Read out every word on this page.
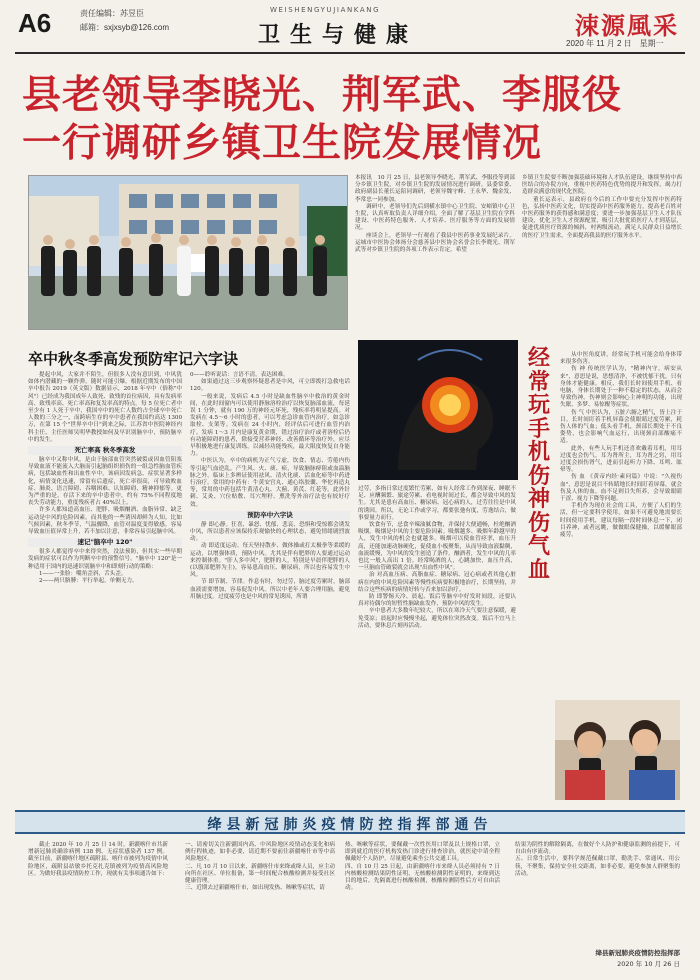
A6	责任编辑：苏昱臣
邮箱：sxjxsyb@126.com
WEISHENGYUJIANKANG
卫生与健康	涑源風采
2020 年 11 月 2 日　星期一
县老领导李晓光、荆军武、李服役
一行调研乡镇卫生院发展情况

本报讯　10 月 25 日，县老领导李晓光、荆军武、李服役等到部分乡镇卫生院，对乡镇卫生院的发展情况进行调研。县委常委、政府副县长董长运陪同调研，老领导魏守峰、王永华、魏金发、李常忠一同参加。

调研中，老领导们先后到横水镇中心卫生院、安峪镇中心卫生院，认真听取负责人详细介绍，全面了解了基层卫生院在学科建设、中医药特色服务、人才培养、医疗服务等方面的发展情况。

座谈会上，老领导一行观看了我县中医药事业发展纪录片。运城市中医协会体扬分会慈善县中医协会名誉会长李晓光、荆军武等对乡镇卫生院的各项工作表示肯定，希望

乡镇卫生院要不断加强基础环境和人才队伍建设，继续坚持中西医结合的办院方向，重视中医药特色优势的提升和发挥，竭力打造群众满意的现代化医院。

董长运表示，县政府在今后的工作中要充分发挥中医药特色，弘扬中医药文化，切实提高中医药服务能力，提高老百姓对中医药服务的获得感和满意度；要进一步加强基层卫生人才队伍建设，优化卫生人才资源配置，吸引大批优质医疗人才到基层，促进优质医疗资源的倾斜，村两级流动，满足人民群众日益增长的医疗卫生需求，全面提高我县的医疗服务水平。

卒中秋冬季高发预防牢记六字诀

提起中风，大家并不陌生，但很多人没有意识到，中风犹如体内潜藏的一颗炸弹，随时可能引爆。根据近期发布的中国卒中报告 2019（英文版）数据显示，2018 年卒中（俗称"中风"）已经成为我国成年人致死、致残的首位病因，具有发病率高、致残率高、死亡率高和复发率高的特点。每 5 位死亡者中至少有 1 人死于卒中，我国卒中的死亡人数约占全球卒中死亡人数的三分之一，而跨病生存的卒中患者在我国约高达 1300 万，在第 15 个"世界卒中日"到来之际，江苏省中医院神经内科主任、主任医师吴明华教授如何及早识别脑卒中，预防脑卒中的发生。

死亡率高 秋冬季高发

脑卒中又称中风，是由于脑部血管突然破裂或因血管阻塞导致血液不能流入大脑而引起脑组织损伤的一组急性脑血管疾病，包括缺血性和出血性卒中。该病因发病急，症状显著多样化，病情变化迅速，常留有后遗症，死亡率很高，可导致败血症、肺炎、语言障碍、吞咽困难、认知障碍、精神抑郁等。更为严重的是，存活下来的卒中患者中，约有 75%不同程度地丧失劳动能力，重度残疾者占 40%以上。

许多人都知道高血压、肥胖、吸烟酗酒、血脂异常、缺乏运动是中风的危险因素，而其他的一些诱因却鲜为人知。比如气候因素，秋冬季节，气温骤降，血管对温度变得敏感，容易导致血压值异常上升，若不加以注意，非常容易引起脑中风。

速记"脑卒中 120"

很多人都觉得卒中来得突然，没法预防，但其实一些早期发病的症状可以作为判断卒中的预警信号。"脑卒中 120"是一种适用于国内的迅速识别脑卒中和即刻行动的策略：

1——一张脸：嘴角歪斜，舌头歪。

2——两只胳膊：平行举起，单侧无力。

0——聆听说话：言语不清，表达困难。

如果通过这三步观察怀疑患者是中风，可立即拨打急救电话 120。

一般来说，发病后 4.5 小时是缺血性脑卒中救治的黄金时间，在此时间窗内可以使用静脉溶栓治疗以恢复脑部血流，每延误 1 分钟，就有 190 万的神经元坏死，残疾率将明显提高。对发病在 4.5～6 小时的患者，可以考虑急诊血管内治疗，如急诊取栓、支架等。发病在 24 小时内，经评估后可进行血管内治疗。发病 1～3 月内是康复黄金期，错过治疗治疗或者溶栓后仍有功能障碍的患者，除接受营养神经、改善循环等治疗外，应尽早积极地进行康复训练，以减轻功能残疾，最大限度恢复自身能力。

中医认为，卒中的病机为正气亏虚，饮食、情志、劳倦内伤等引起气血逆乱，产生风、火、痰、瘀，导致脑脉痹阻或血溢脑脉之外，临床上多辨证使用祛风、清火化痰、活血化瘀等中药进行治疗。常用的中药有：牛黄安宫丸、通心络胶囊、华佗再造丸等，常用的中药包括牛黄清心丸、大薊、黄芪、红花等。此外针刺、艾灸、穴位贴敷、耳穴埋籽、熏洗等外治疗法也有较好疗效。

预防卒中六字诀

静 即心静。狂喜、暴怒、忧郁、悲哀、恐惧和受惊都会诱发中风，所以患者应该保持乐观愉快的心理状态，避免情绪剧烈波动。

动 即适度运动。每天坚持散步、做体操或打太极拳等柔缓的运动，以增强体质，预防中风。尤其是伴有肥胖的人要通过运动来控制体重。"肝人多中风"，肥胖的人，特别是早晨伴肥胖的人(以腹部肥胖为主)，容易患高血压、糖尿病，所以也容易发生中风。

节 即节制、节律。作息有时，勿过劳，脑过度劳累时，脑部血液需要增加，容易促发中风。所以中老年人要合理用脑，避免用脑过度。过度疲劳也是中风的常见诱因，所谓

过劳，多指日常过度繁忙劳累、如有人经常工作到深夜、睡眠不足、应酬频繁、旅途劳累、看电视时间过长，都会导致中风的发生。尤其是患有高血压、糖尿病、冠心病的人，过劳往往是中风的诱因。所以，无论工作或学习，都要张弛有度，劳逸结合，做事要量力而行。

饮食有节，忌食辛辣油腻食物，并保持大便通畅，杜绝酗酒吸烟。吸烟是中风的主要危险因素。吸烟越多、吸烟年龄越早的人，发生中风的机会也就越多。吸烟可以使血管痉挛，血压升高，还能加速动脉硬化，促使血小板聚集，从而导致血液黏稠，血流缓慢，为中风的发生创造了条件。酗酒者，发生中风的几率也比一般人高出 1 倍。经常喝酒的人，心跳加快，血压升高，一旦脑血管破裂就会出现"出血性中风"。

治 对高血压病、高脂血症、糖尿病、冠心病或者其他心脏病在内的中风危险因素等慢性疾病要积极地治疗，长期坚持，并结合这些疾病的病情好转与否来加以治疗。

防 即警惕天冷、晨起、饭后等脑卒中好发时间段，还要认真对待偶尔的短暂性脑缺血发作，预防中风的发生。

卒中患者大多数年纪较大，所以在寒冷天气要注意保暖，避免受凉；晨起时应慢慢坐起，避免体位突然改变。饭后不宜马上活动，要休息片刻再活动。

经
常
玩
手
机
伤
神
伤
气
血

从中医角度讲，经常玩手机可能会给身体带来很多伤害。

伤 神 传统医学认为，"精神内守，病安从来"，意思是说，思想清净，不被忧郁干扰，只有身体才能健康。相反，我们长时间使用手机、看电脑，身体长期处于一种不稳定的状态，从而会导致伤神。伤神则会影响心主神明的功能，出现失眠、多梦、易惊醒等症状。

伤 气 中医认为，五脏六腑之精气，皆上注于目。长时间盯着手机屏幕会使眼睛过度劳累，耗伤人体的气血；低头看手机，颈部长期处于不良姿势，也会影响气血运行，出现颈肩部酸痛不适。

此外，有些人玩手机还喜欢戴着耳机，用耳过度也会伤气。耳为肾所主，耳为肾之窍，用耳过度会损伤肾气，进而引起听力下降、耳鸣、眩晕等。

伤 血 《黄帝内经·素问篇》中说："久视伤血"，意思是说目不转睛地长时间盯着屏幕，就会伤及人体的血。血不足则目失所养，会导致眼睛干涩、视力下降等问题。

手机作为现在社会的工具，方便了人们的生活，但一定要科学使用，如果不可避免地需要长时间使用手机，建议每隔一段时间休息一下，闭目养神，或者远眺，做做眼保健操，以缓解眼部疲劳。

绛县新冠肺炎疫情防控指挥部通告
截止 2020 年 10 月 25 日 14 时，新疆喀什市共新增新冠肺炎确诊病例 138 例、无症状感染者 137 例。截至目前，新疆喀什地区疏附县、喀什市被列为疫情中风险地区，疏附县站敏乡托克扎克镇被列为疫情高风险地区。为做好我县疫情防控工作，现就有关事项通告如下：
一、请密切关注新疆国内高、中风险地区疫情动态变化和病例行程轨迹，如非必要，请近期不要前往新疆喀什市等中高风险地区。
二、凡 10 月 10 日以来，新疆喀什市来绛或绛人员，应主动向所在社区、单位报备，第一时间配合核酸检测并接受社区健康管理。
三、近期去过新疆喀什市，如出现发热、咳嗽等症状，请
热、咳嗽等症状，要佩戴一次性医用口罩及以上规格口罩，立即到就近的医疗机构发热门诊进行排查诊治，就医途中请全程佩戴好个人防护，尽量避免乘坐公共交通工具。
四、自 10 月 25 日起，由新疆喀什市来绛人员必须持有 7 日内核酸检测结果阴性证明，无核酸检测阴性证明的，来绛到达目的地后，先隔离进行核酸检测，核酸检测阴性后方可自由活动。
结果为阴性的解除隔离，在做好个人防护和健康监测的前提下，可自由有序流动。
五、日常生活中，要科学规范佩戴口罩，勤洗手、常通风、用公筷，不聚集，保持安全社交距离，如非必要，避免参加人群聚集的活动。
绛县新冠肺炎疫情防控指挥部
2020 年 10 月 26 日
